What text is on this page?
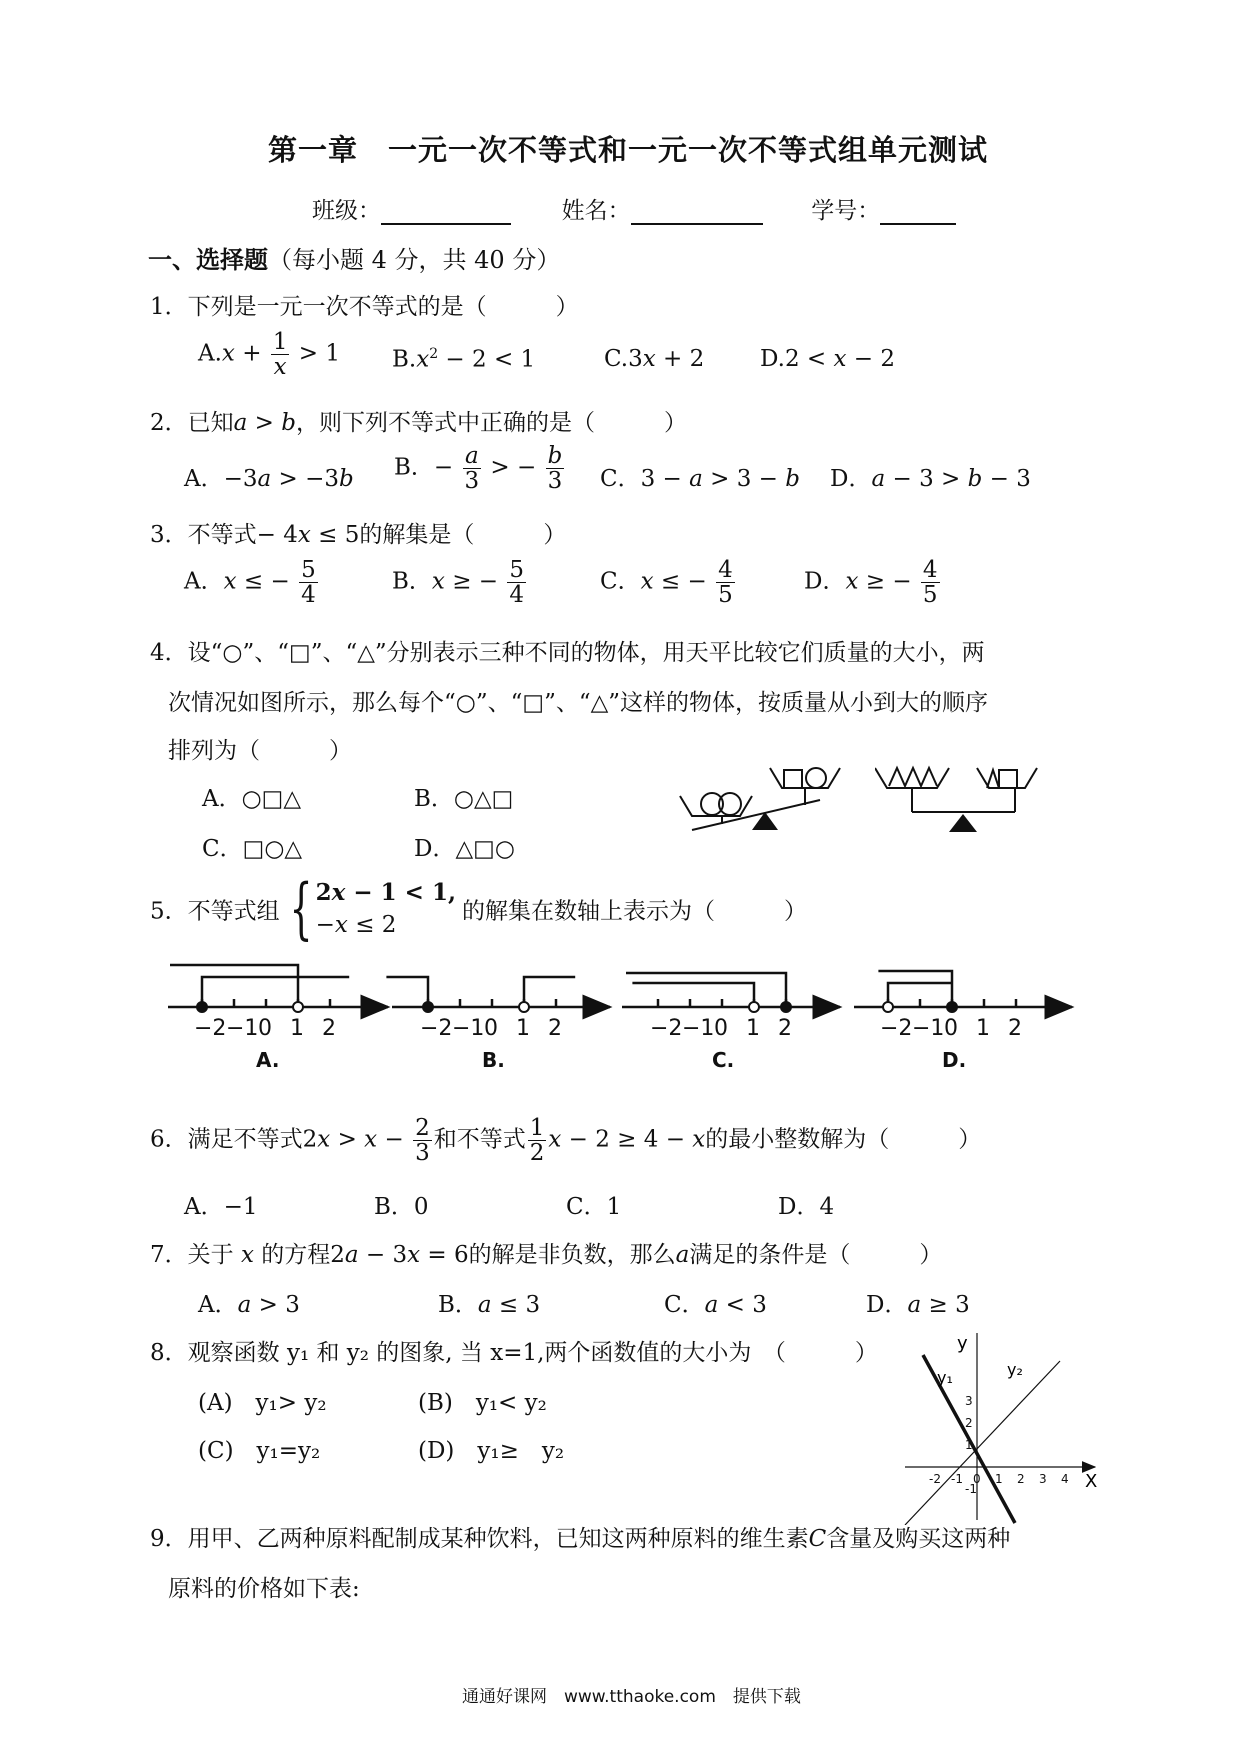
第一章　一元一次不等式和一元一次不等式组单元测试
班级：	姓名：	学号：
一、选择题（每小题 4 分，共 40 分）
1．下列是一元一次不等式的是（　　　）
$A.x + \frac{1}{x} > 1$ $B.x^2 - 2 < 1$	C.3x + 2 D.2 < x − 2
2．已知a > b，则下列不等式中正确的是（　　　）
A．−3a > −3b B．− $\frac{a}{3}$ > − $\frac{b}{3}$ C．3 − a > 3 − b D．a − 3 > b − 3
3．不等式− 4x ≤ 5的解集是（　　　）
A．x ≤ − $\frac{5}{4}$	B．x ≥ − $\frac{5}{4}$	C．x ≤ − $\frac{4}{5}$	D．x ≥ − $\frac{4}{5}$
4．设“○”、“□”、“△”分别表示三种不同的物体，用天平比较它们质量的大小，两
次情况如图所示，那么每个“○”、“□”、“△”这样的物体，按质量从小到大的顺序
排列为（　　　）
A．○□△	B．○△□
C．□○△	D．△□○
5．不等式组 { 2x − 1 < 1,
−x ≤ 2
的解集在数轴上表示为（　　　）
−2 −1 0 1 2
A.
−2 −1 0 1 2
B.
−2 −1 0 1 2
C.
−2 −1 0 1 2
D.
6．满足不等式$2x > x - \frac{2}{3}$ 和不等式 $\frac{1}{2}$ x − 2 ≥ 4 − x的最小整数解为（　　　）
A．−1	B．0	C．1	D．4
7．关于 x 的方程2a − 3x = 6的解是非负数，那么a满足的条件是（　　　）
A．a > 3	B．a ≤ 3	C．a < 3	D．a ≥ 3
8．观察函数 y₁ 和 y₂ 的图象, 当 x=1,两个函数值的大小为　（　　　）
(A)　y₁> y₂	(B)　y₁< y₂
(C)　y₁=y₂	(D)　y₁≥　y₂
-2 -1 0 1 2 3 4
3
2
1
-1
y
X
y₁	y₂
9．用甲、乙两种原料配制成某种饮料，已知这两种原料的维生素C含量及购买这两种
原料的价格如下表:
通通好课网　www.tthaoke.com　提供下载
